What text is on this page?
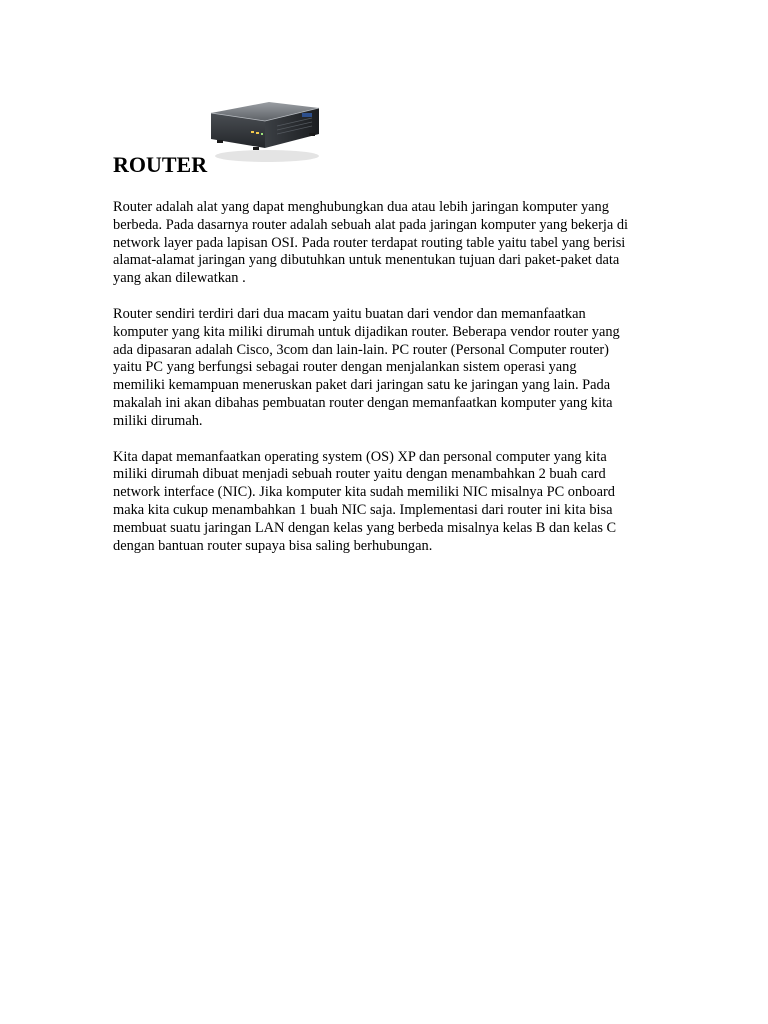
ROUTER

Router adalah alat yang dapat menghubungkan dua atau lebih jaringan komputer yang
berbeda. Pada dasarnya router adalah sebuah alat pada jaringan komputer yang bekerja di
network layer pada lapisan OSI. Pada router terdapat routing table yaitu tabel yang berisi
alamat-alamat jaringan yang dibutuhkan untuk menentukan tujuan dari paket-paket data
yang akan dilewatkan .

Router sendiri terdiri dari dua macam yaitu buatan dari vendor dan memanfaatkan
komputer yang kita miliki dirumah untuk dijadikan router. Beberapa vendor router yang
ada dipasaran adalah Cisco, 3com dan lain-lain. PC router (Personal Computer router)
yaitu PC yang berfungsi sebagai router dengan menjalankan sistem operasi yang
memiliki kemampuan meneruskan paket dari jaringan satu ke jaringan yang lain. Pada
makalah ini akan dibahas pembuatan router dengan memanfaatkan komputer yang kita
miliki dirumah.

Kita dapat memanfaatkan operating system (OS) XP dan personal computer yang kita
miliki dirumah dibuat menjadi sebuah router yaitu dengan menambahkan 2 buah card
network interface (NIC). Jika komputer kita sudah memiliki NIC misalnya PC onboard
maka kita cukup menambahkan 1 buah NIC saja. Implementasi dari router ini kita bisa
membuat suatu jaringan LAN dengan kelas yang berbeda misalnya kelas B dan kelas C
dengan bantuan router supaya bisa saling berhubungan.
